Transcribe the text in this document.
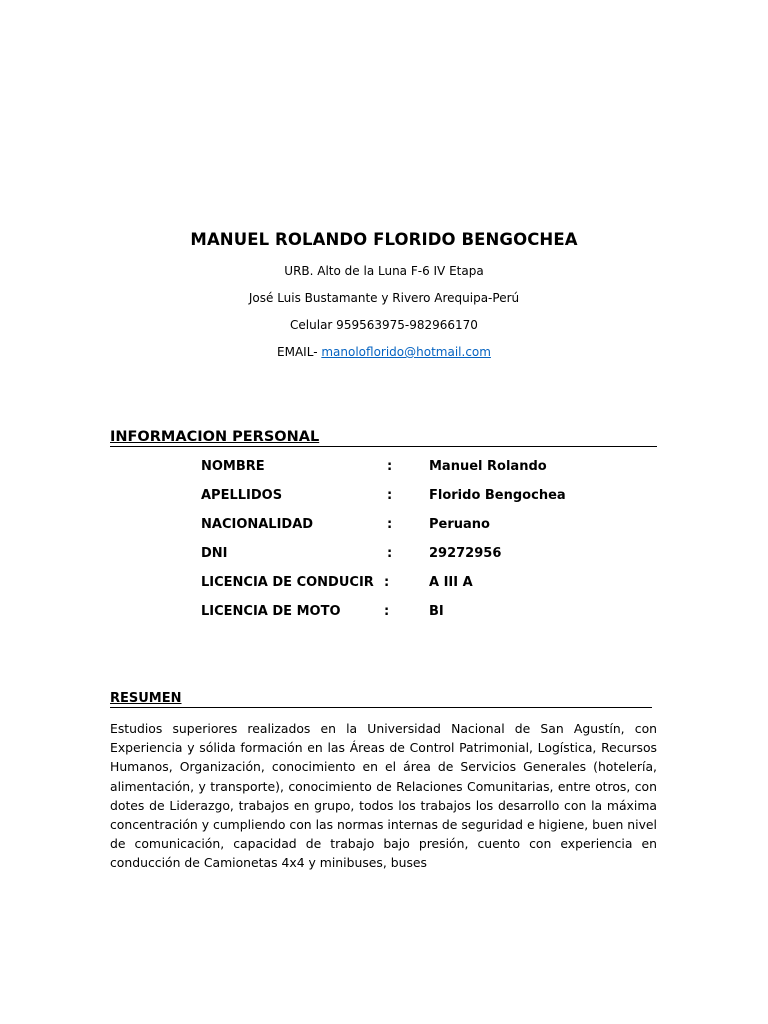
MANUEL ROLANDO FLORIDO BENGOCHEA

URB. Alto de la Luna F-6 IV Etapa

José Luis Bustamante y Rivero Arequipa-Perú

Celular 959563975-982966170

EMAIL- manoloflorido@hotmail.com

INFORMACION PERSONAL
NOMBRE	:	Manuel Rolando
APELLIDOS	:	Florido Bengochea
NACIONALIDAD	:	Peruano
DNI	:	29272956
LICENCIA DE CONDUCIR :	A III A
LICENCIA DE MOTO	:	BI
RESUMEN

Estudios superiores realizados en la Universidad Nacional de San Agustín, con Experiencia y sólida formación en las Áreas de Control Patrimonial, Logística, Recursos Humanos, Organización, conocimiento en el área de Servicios Generales (hotelería, alimentación, y transporte), conocimiento de Relaciones Comunitarias, entre otros, con dotes de Liderazgo, trabajos en grupo, todos los trabajos los desarrollo con la máxima concentración y cumpliendo con las normas internas de seguridad e higiene, buen nivel de comunicación, capacidad de trabajo bajo presión, cuento con experiencia en conducción de Camionetas 4x4 y minibuses, buses
